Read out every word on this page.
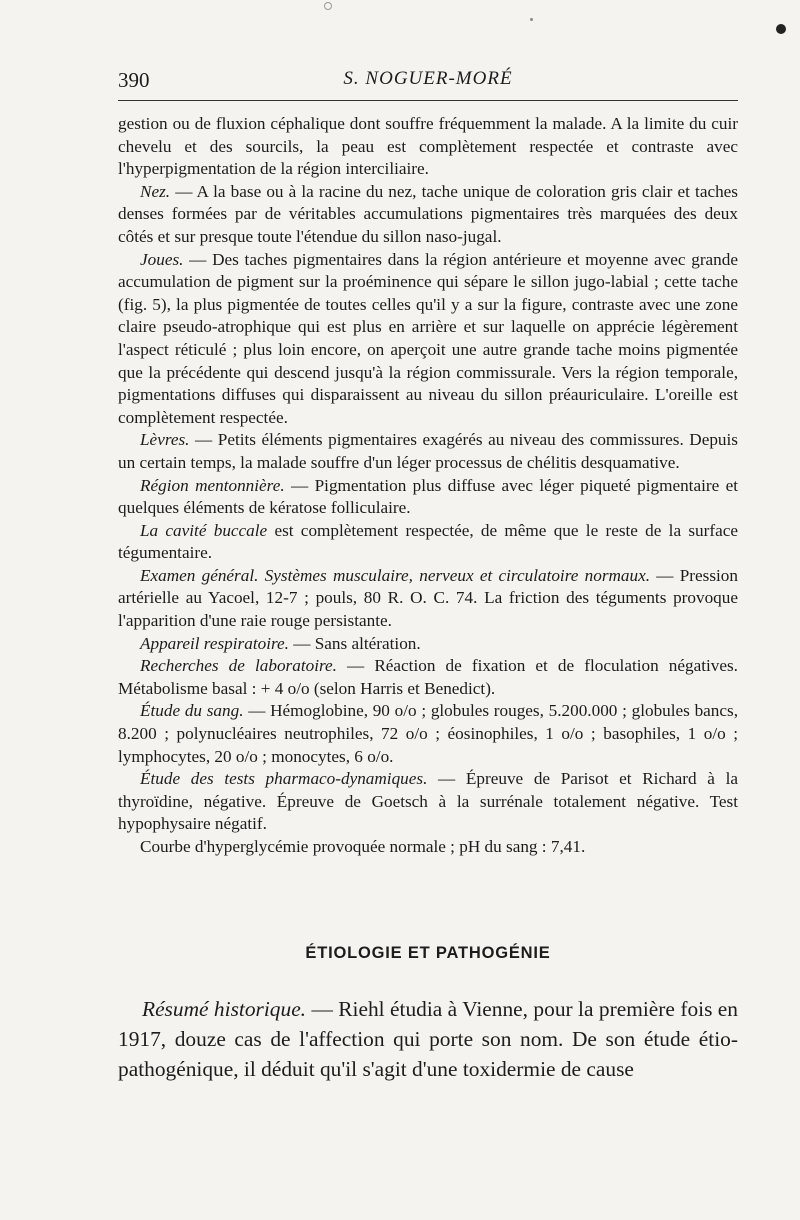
390	S. NOGUER-MORÉ

gestion ou de fluxion céphalique dont souffre fréquemment la malade. A la limite du cuir chevelu et des sourcils, la peau est complètement respectée et contraste avec l'hyperpigmentation de la région interciliaire.

Nez. — A la base ou à la racine du nez, tache unique de coloration gris clair et taches denses formées par de véritables accumulations pigmentaires très marquées des deux côtés et sur presque toute l'étendue du sillon naso-jugal.

Joues. — Des taches pigmentaires dans la région antérieure et moyenne avec grande accumulation de pigment sur la proéminence qui sépare le sillon jugo-labial ; cette tache (fig. 5), la plus pigmentée de toutes celles qu'il y a sur la figure, contraste avec une zone claire pseudo-atrophique qui est plus en arrière et sur laquelle on apprécie légèrement l'aspect réticulé ; plus loin encore, on aperçoit une autre grande tache moins pigmentée que la précédente qui descend jusqu'à la région commissurale. Vers la région temporale, pigmentations diffuses qui disparaissent au niveau du sillon préauriculaire. L'oreille est complètement respectée.

Lèvres. — Petits éléments pigmentaires exagérés au niveau des commissures. Depuis un certain temps, la malade souffre d'un léger processus de chélitis desquamative.

Région mentonnière. — Pigmentation plus diffuse avec léger piqueté pigmentaire et quelques éléments de kératose folliculaire.

La cavité buccale est complètement respectée, de même que le reste de la surface tégumentaire.

Examen général. Systèmes musculaire, nerveux et circulatoire normaux. — Pression artérielle au Yacoel, 12-7 ; pouls, 80 R. O. C. 74. La friction des téguments provoque l'apparition d'une raie rouge persistante.

Appareil respiratoire. — Sans altération.

Recherches de laboratoire. — Réaction de fixation et de floculation négatives. Métabolisme basal : + 4 o/o (selon Harris et Benedict).

Étude du sang. — Hémoglobine, 90 o/o ; globules rouges, 5.200.000 ; globules bancs, 8.200 ; polynucléaires neutrophiles, 72 o/o ; éosinophiles, 1 o/o ; basophiles, 1 o/o ; lymphocytes, 20 o/o ; monocytes, 6 o/o.

Étude des tests pharmaco-dynamiques. — Épreuve de Parisot et Richard à la thyroïdine, négative. Épreuve de Goetsch à la surrénale totalement négative. Test hypophysaire négatif.

Courbe d'hyperglycémie provoquée normale ; pH du sang : 7,41.

ÉTIOLOGIE ET PATHOGÉNIE

Résumé historique. — Riehl étudia à Vienne, pour la première fois en 1917, douze cas de l'affection qui porte son nom. De son étude étio-pathogénique, il déduit qu'il s'agit d'une toxidermie de cause
